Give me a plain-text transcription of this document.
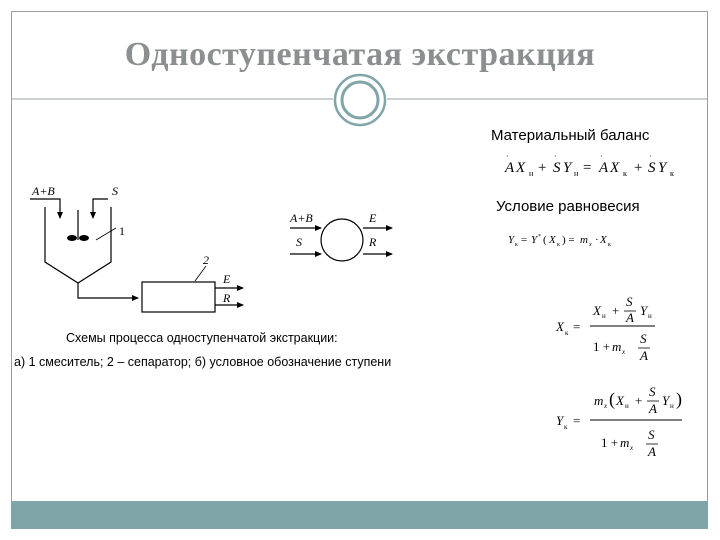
Одноступенчатая экстракция
A+B	S
1
2
E
R
A+B
S
E
R
A X н + S Y н = A X к + S Y к
·	·	·	·
Y к = Y * ( X к ) = m x · X к
X к =
X н +
S
A Y н
1 + m x
S
A
Y к =
m x ( X н +
S
A
Y н )
1 + m x
S
A
Материальный баланс
Условие равновесия
Схемы процесса одноступенчатой экстракции:
а) 1 смеситель; 2 – сепаратор; б) условное обозначение ступени
